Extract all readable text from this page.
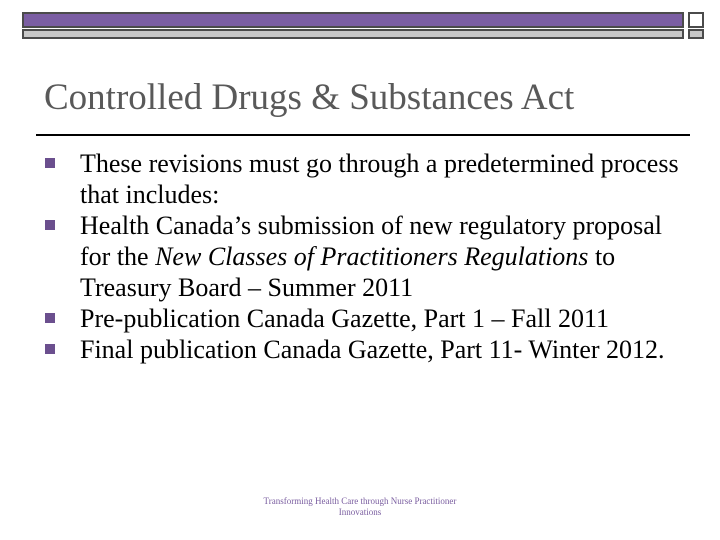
Controlled Drugs & Substances Act
These revisions must go through a predetermined process that includes:
Health Canada’s submission of new regulatory proposal for the New Classes of Practitioners Regulations to Treasury Board – Summer 2011
Pre-publication Canada Gazette, Part 1 – Fall 2011
Final publication Canada Gazette, Part 11- Winter 2012.
Transforming Health Care through Nurse Practitioner Innovations
